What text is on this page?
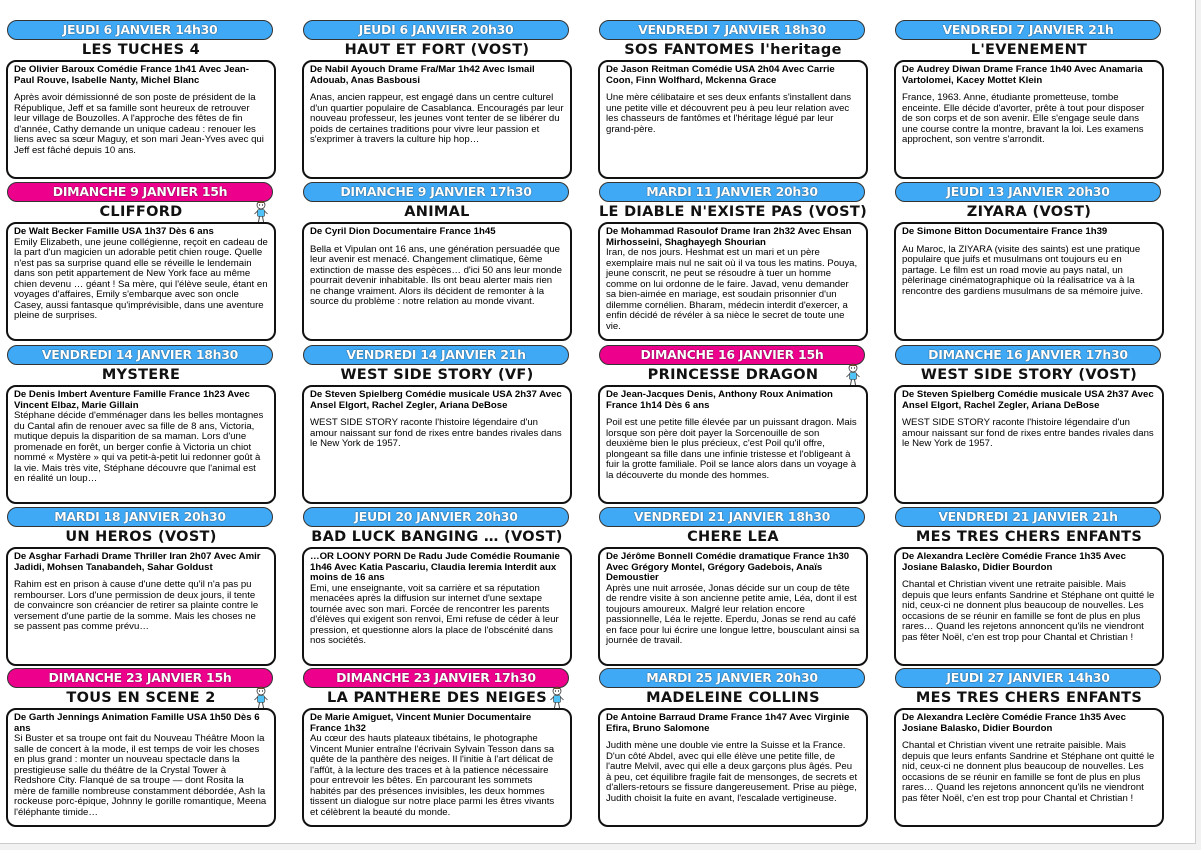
JEUDI 6 JANVIER 14h30
LES TUCHES 4

De Olivier Baroux Comédie France 1h41 Avec Jean-Paul Rouve, Isabelle Nanty, Michel Blanc

Après avoir démissionné de son poste de président de la République, Jeff et sa famille sont heureux de retrouver leur village de Bouzolles. A l'approche des fêtes de fin d'année, Cathy demande un unique cadeau : renouer les liens avec sa sœur Maguy, et son mari Jean-Yves avec qui Jeff est fâché depuis 10 ans.

JEUDI 6 JANVIER 20h30
HAUT ET FORT (VOST)

De Nabil Ayouch Drame Fra/Mar 1h42 Avec Ismail Adouab, Anas Basbousi

Anas, ancien rappeur, est engagé dans un centre culturel d'un quartier populaire de Casablanca. Encouragés par leur nouveau professeur, les jeunes vont tenter de se libérer du poids de certaines traditions pour vivre leur passion et s'exprimer à travers la culture hip hop…

VENDREDI 7 JANVIER 18h30
SOS FANTOMES l'heritage

De Jason Reitman Comédie USA 2h04 Avec Carrie Coon, Finn Wolfhard, Mckenna Grace

Une mère célibataire et ses deux enfants s'installent dans une petite ville et découvrent peu à peu leur relation avec les chasseurs de fantômes et l'héritage légué par leur grand-père.

VENDREDI 7 JANVIER 21h
L'EVENEMENT

De Audrey Diwan Drame France 1h40 Avec Anamaria Vartolomei, Kacey Mottet Klein

France, 1963. Anne, étudiante prometteuse, tombe enceinte. Elle décide d'avorter, prête à tout pour disposer de son corps et de son avenir. Elle s'engage seule dans une course contre la montre, bravant la loi. Les examens approchent, son ventre s'arrondit.

DIMANCHE 9 JANVIER 15h
CLIFFORD

De Walt Becker Famille USA 1h37 Dès 6 ans

Emily Elizabeth, une jeune collégienne, reçoit en cadeau de la part d'un magicien un adorable petit chien rouge. Quelle n'est pas sa surprise quand elle se réveille le lendemain dans son petit appartement de New York face au même chien devenu … géant ! Sa mère, qui l'élève seule, étant en voyages d'affaires, Emily s'embarque avec son oncle Casey, aussi fantasque qu'imprévisible, dans une aventure pleine de surprises.

DIMANCHE 9 JANVIER 17h30
ANIMAL

De Cyril Dion Documentaire France 1h45

Bella et Vipulan ont 16 ans, une génération persuadée que leur avenir est menacé. Changement climatique, 6ème extinction de masse des espèces… d'ici 50 ans leur monde pourrait devenir inhabitable. Ils ont beau alerter mais rien ne change vraiment. Alors ils décident de remonter à la source du problème : notre relation au monde vivant.

MARDI 11 JANVIER 20h30
LE DIABLE N'EXISTE PAS (VOST)

De Mohammad Rasoulof Drame Iran 2h32 Avec Ehsan Mirhosseini, Shaghayegh Shourian

Iran, de nos jours. Heshmat est un mari et un père exemplaire mais nul ne sait où il va tous les matins. Pouya, jeune conscrit, ne peut se résoudre à tuer un homme comme on lui ordonne de le faire. Javad, venu demander sa bien-aimée en mariage, est soudain prisonnier d'un dilemme cornélien. Bharam, médecin interdit d'exercer, a enfin décidé de révéler à sa nièce le secret de toute une vie.

JEUDI 13 JANVIER 20h30
ZIYARA (VOST)

De Simone Bitton Documentaire France 1h39

Au Maroc, la ZIYARA (visite des saints) est une pratique populaire que juifs et musulmans ont toujours eu en partage. Le film est un road movie au pays natal, un pèlerinage cinématographique où la réalisatrice va à la rencontre des gardiens musulmans de sa mémoire juive.

VENDREDI 14 JANVIER 18h30
MYSTERE

De Denis Imbert Aventure Famille France 1h23 Avec Vincent Elbaz, Marie Gillain

Stéphane décide d'emménager dans les belles montagnes du Cantal afin de renouer avec sa fille de 8 ans, Victoria, mutique depuis la disparition de sa maman. Lors d'une promenade en forêt, un berger confie à Victoria un chiot nommé « Mystère » qui va petit-à-petit lui redonner goût à la vie. Mais très vite, Stéphane découvre que l'animal est en réalité un loup…

VENDREDI 14 JANVIER 21h
WEST SIDE STORY (VF)

De Steven Spielberg Comédie musicale USA 2h37 Avec Ansel Elgort, Rachel Zegler, Ariana DeBose

WEST SIDE STORY raconte l'histoire légendaire d'un amour naissant sur fond de rixes entre bandes rivales dans le New York de 1957.

DIMANCHE 16 JANVIER 15h
PRINCESSE DRAGON

De Jean-Jacques Denis, Anthony Roux Animation France 1h14 Dès 6 ans

Poil est une petite fille élevée par un puissant dragon. Mais lorsque son père doit payer la Sorcenouille de son deuxième bien le plus précieux, c'est Poil qu'il offre, plongeant sa fille dans une infinie tristesse et l'obligeant à fuir la grotte familiale. Poil se lance alors dans un voyage à la découverte du monde des hommes.

DIMANCHE 16 JANVIER 17h30
WEST SIDE STORY (VOST)

De Steven Spielberg Comédie musicale USA 2h37 Avec Ansel Elgort, Rachel Zegler, Ariana DeBose

WEST SIDE STORY raconte l'histoire légendaire d'un amour naissant sur fond de rixes entre bandes rivales dans le New York de 1957.

MARDI 18 JANVIER 20h30
UN HEROS (VOST)

De Asghar Farhadi Drame Thriller Iran 2h07 Avec Amir Jadidi, Mohsen Tanabandeh, Sahar Goldust

Rahim est en prison à cause d'une dette qu'il n'a pas pu rembourser. Lors d'une permission de deux jours, il tente de convaincre son créancier de retirer sa plainte contre le versement d'une partie de la somme. Mais les choses ne se passent pas comme prévu…

JEUDI 20 JANVIER 20h30
BAD LUCK BANGING … (VOST)

…OR LOONY PORN De Radu Jude Comédie Roumanie 1h46 Avec Katia Pascariu, Claudia Ieremia Interdit aux moins de 16 ans

Emi, une enseignante, voit sa carrière et sa réputation menacées après la diffusion sur internet d'une sextape tournée avec son mari. Forcée de rencontrer les parents d'élèves qui exigent son renvoi, Emi refuse de céder à leur pression, et questionne alors la place de l'obscénité dans nos sociétés.

VENDREDI 21 JANVIER 18h30
CHERE LEA

De Jérôme Bonnell Comédie dramatique France 1h30 Avec Grégory Montel, Grégory Gadebois, Anaïs Demoustier

Après une nuit arrosée, Jonas décide sur un coup de tête de rendre visite à son ancienne petite amie, Léa, dont il est toujours amoureux. Malgré leur relation encore passionnelle, Léa le rejette. Eperdu, Jonas se rend au café en face pour lui écrire une longue lettre, bousculant ainsi sa journée de travail.

VENDREDI 21 JANVIER 21h
MES TRES CHERS ENFANTS

De Alexandra Leclère Comédie France 1h35 Avec Josiane Balasko, Didier Bourdon

Chantal et Christian vivent une retraite paisible. Mais depuis que leurs enfants Sandrine et Stéphane ont quitté le nid, ceux-ci ne donnent plus beaucoup de nouvelles. Les occasions de se réunir en famille se font de plus en plus rares… Quand les rejetons annoncent qu'ils ne viendront pas fêter Noël, c'en est trop pour Chantal et Christian !

DIMANCHE 23 JANVIER 15h
TOUS EN SCENE 2

De Garth Jennings Animation Famille USA 1h50 Dès 6 ans

Si Buster et sa troupe ont fait du Nouveau Théâtre Moon la salle de concert à la mode, il est temps de voir les choses en plus grand : monter un nouveau spectacle dans la prestigieuse salle du théâtre de la Crystal Tower à Redshore City. Flanqué de sa troupe — dont Rosita la mère de famille nombreuse constamment débordée, Ash la rockeuse porc-épique, Johnny le gorille romantique, Meena l'éléphante timide…

DIMANCHE 23 JANVIER 17h30
LA PANTHERE DES NEIGES

De Marie Amiguet, Vincent Munier Documentaire France 1h32

Au cœur des hauts plateaux tibétains, le photographe Vincent Munier entraîne l'écrivain Sylvain Tesson dans sa quête de la panthère des neiges. Il l'initie à l'art délicat de l'affût, à la lecture des traces et à la patience nécessaire pour entrevoir les bêtes. En parcourant les sommets habités par des présences invisibles, les deux hommes tissent un dialogue sur notre place parmi les êtres vivants et célèbrent la beauté du monde.

MARDI 25 JANVIER 20h30
MADELEINE COLLINS

De Antoine Barraud Drame France 1h47 Avec Virginie Efira, Bruno Salomone

Judith mène une double vie entre la Suisse et la France. D'un côté Abdel, avec qui elle élève une petite fille, de l'autre Melvil, avec qui elle a deux garçons plus âgés. Peu à peu, cet équilibre fragile fait de mensonges, de secrets et d'allers-retours se fissure dangereusement. Prise au piège, Judith choisit la fuite en avant, l'escalade vertigineuse.

JEUDI 27 JANVIER 14h30
MES TRES CHERS ENFANTS

De Alexandra Leclère Comédie France 1h35 Avec Josiane Balasko, Didier Bourdon

Chantal et Christian vivent une retraite paisible. Mais depuis que leurs enfants Sandrine et Stéphane ont quitté le nid, ceux-ci ne donnent plus beaucoup de nouvelles. Les occasions de se réunir en famille se font de plus en plus rares… Quand les rejetons annoncent qu'ils ne viendront pas fêter Noël, c'en est trop pour Chantal et Christian !
